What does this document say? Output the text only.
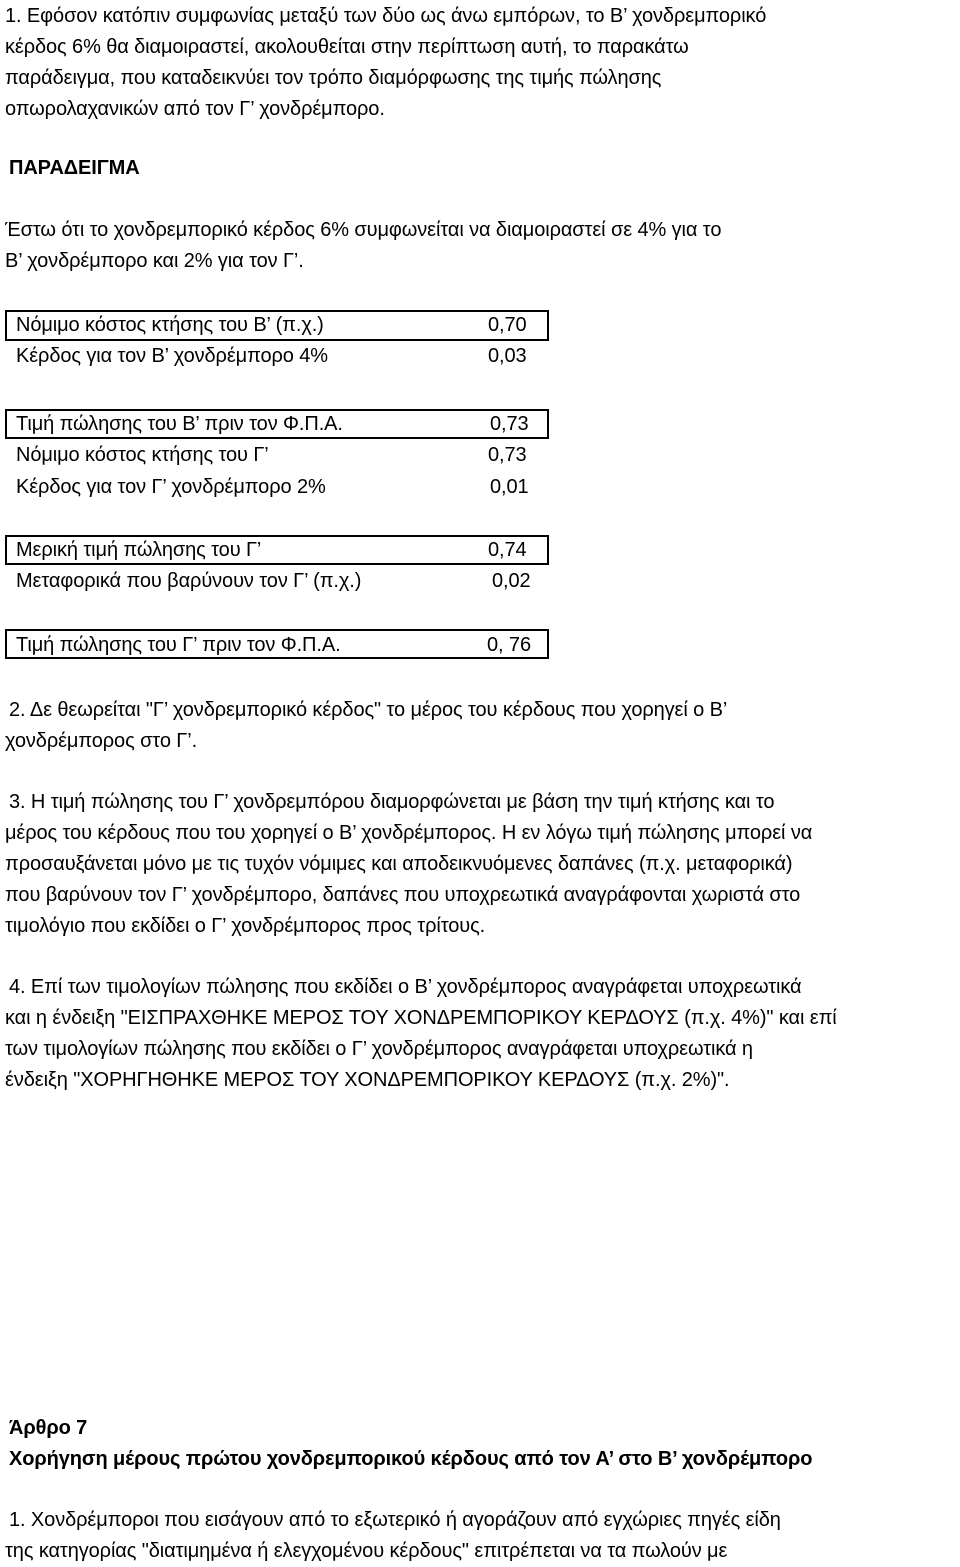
1. Εφόσον κατόπιν συμφωνίας μεταξύ των δύο ως άνω εμπόρων, το Β’ χονδρεμπορικό
κέρδος 6% θα διαμοιραστεί, ακολουθείται στην περίπτωση αυτή, το παρακάτω
παράδειγμα, που καταδεικνύει τον τρόπο διαμόρφωσης της τιμής πώλησης
οπωρολαχανικών από τον Γ’ χονδρέμπορο.
ΠΑΡΑΔΕΙΓΜΑ
Έστω ότι το χονδρεμπορικό κέρδος 6% συμφωνείται να διαμοιραστεί σε 4% για το
Β’ χονδρέμπορο και 2% για τον Γ’.
Νόμιμο κόστος κτήσης του Β’ (π.χ.)	0,70
Κέρδος για τον Β’ χονδρέμπορο 4%	0,03
Τιμή πώλησης του Β’ πριν τον Φ.Π.Α.	0,73
Νόμιμο κόστος κτήσης του Γ’	0,73
Κέρδος για τον Γ’ χονδρέμπορο 2%	0,01
Μερική τιμή πώλησης του Γ’	0,74
Μεταφορικά που βαρύνουν τον Γ’ (π.χ.)	0,02
Τιμή πώλησης του Γ’ πριν τον Φ.Π.Α.	0, 76
2. Δε θεωρείται "Γ’ χονδρεμπορικό κέρδος" το μέρος του κέρδους που χορηγεί ο Β’
χονδρέμπορος στο Γ’.
3. Η τιμή πώλησης του Γ’ χονδρεμπόρου διαμορφώνεται με βάση την τιμή κτήσης και το
μέρος του κέρδους που του χορηγεί ο Β’ χονδρέμπορος. Η εν λόγω τιμή πώλησης μπορεί να
προσαυξάνεται μόνο με τις τυχόν νόμιμες και αποδεικνυόμενες δαπάνες (π.χ. μεταφορικά)
που βαρύνουν τον Γ’ χονδρέμπορο, δαπάνες που υποχρεωτικά αναγράφονται χωριστά στο
τιμολόγιο που εκδίδει ο Γ’ χονδρέμπορος προς τρίτους.
4. Επί των τιμολογίων πώλησης που εκδίδει ο Β’ χονδρέμπορος αναγράφεται υποχρεωτικά
και η ένδειξη "ΕΙΣΠΡΑΧΘΗΚΕ ΜΕΡΟΣ ΤΟΥ ΧΟΝΔΡΕΜΠΟΡΙΚΟΥ ΚΕΡΔΟΥΣ (π.χ. 4%)" και επί
των τιμολογίων πώλησης που εκδίδει ο Γ’ χονδρέμπορος αναγράφεται υποχρεωτικά η
ένδειξη "ΧΟΡΗΓΗΘΗΚΕ ΜΕΡΟΣ ΤΟΥ ΧΟΝΔΡΕΜΠΟΡΙΚΟΥ ΚΕΡΔΟΥΣ (π.χ. 2%)".
Άρθρο 7
Χορήγηση μέρους πρώτου χονδρεμπορικού κέρδους από τον Α’ στο Β’ χονδρέμπορο
1. Χονδρέμποροι που εισάγουν από το εξωτερικό ή αγοράζουν από εγχώριες πηγές είδη
της κατηγορίας "διατιμημένα ή ελεγχομένου κέρδους" επιτρέπεται να τα πωλούν με
